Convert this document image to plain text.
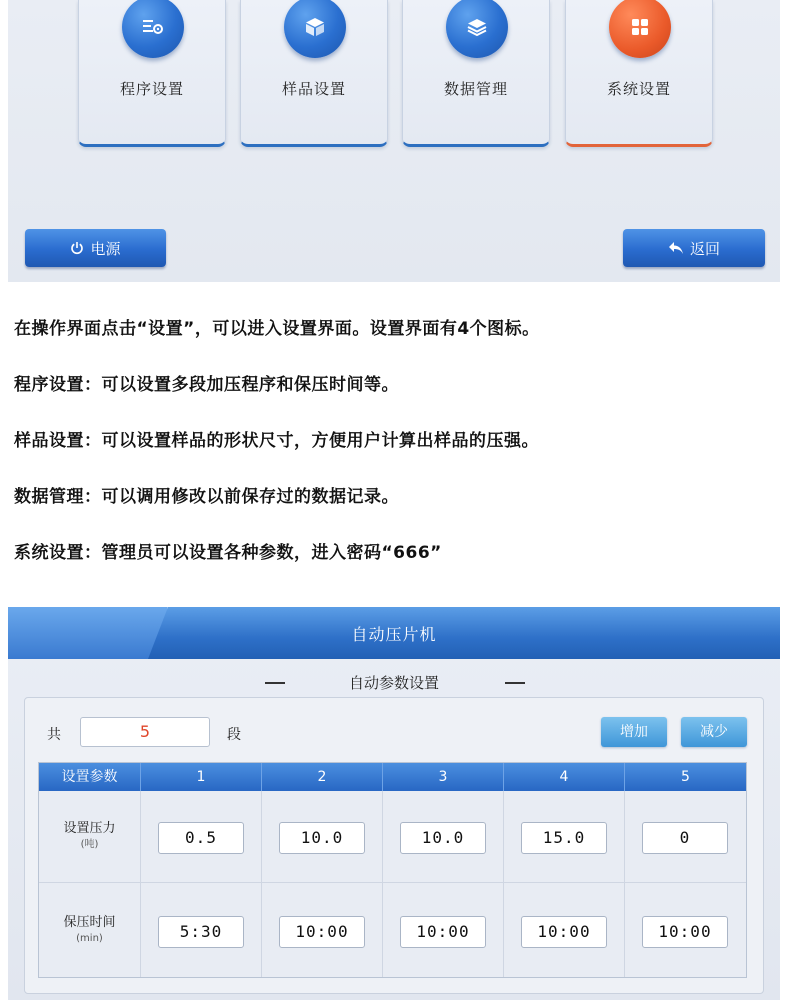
程序设置	样品设置	数据管理	系统设置
电源	返回
在操作界面点击“设置”，可以进入设置界面。设置界面有4个图标。
程序设置：可以设置多段加压程序和保压时间等。
样品设置：可以设置样品的形状尺寸，方便用户计算出样品的压强。
数据管理：可以调用修改以前保存过的数据记录。
系统设置：管理员可以设置各种参数，进入密码“666”
自动压片机
自动参数设置
共	5	段	增加	减少
设置参数	1	2	3	4	5
设置压力
(吨)	0.5	10.0	10.0	15.0	0
保压时间
(min)	5:30	10:00	10:00	10:00	10:00
